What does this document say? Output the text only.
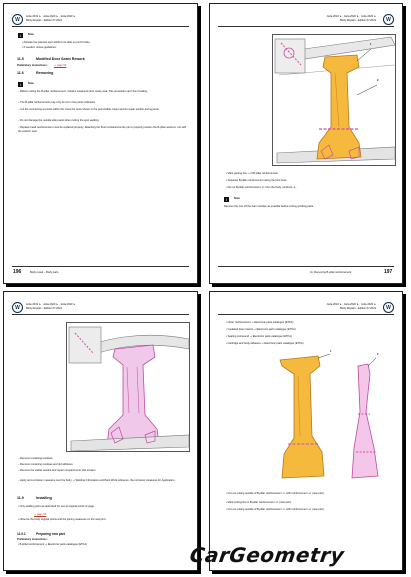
W	Jetta 2019 ➤ , Jetta 2020 ➤ , Jetta 2023 ➤
Body Repairs - Edition 07.2024
i	Note
• Activate the relevant spot welds to be able to punch holes.
• If needed, review guidelines.
11.5	Modified Door Seam Rework
Preliminary instructions: ⇒ page 56
11.6	Removing
i	Note
– Before cutting the B-pillar reinforcement, install a measured door cavity seal. This procedure can't from heating.
– The B-pillar reinforcement may only be cut in the points indicated.
– Cut the connecting at points within the cross the outer shown in the permissible cutout section repair section during joints.
– Do not damage the outside side panel when cutting the spot welding.
– Replace bead reinforcement must be replaced properly. Reaching the fresh contained at the pin to properly position the B-pillar sections, not with the exterior seal.
196	Body repair – Body parts
Jetta 2019 ➤ , Jetta 2020 ➤ , Jetta 2023 ➤
Body Repairs - Edition 07.2024	W
1
2
• Mark parting line ⇒ of B-pillar reinforcement.
• Separate B-pillar reinforcement along the joint lines.
• Do not B-pillar reinforcement -2- from the body, reinforce -1-.
i	Note
Remove the rust off the foam residue as possible before cutting grinding parts.
11. Removing B-pillar reinforcement	197
W	Jetta 2019 ➤ , Jetta 2020 ➤ , Jetta 2023 ➤
Body Repairs - Edition 07.2024
– Remove remaining residues.
– Remove remaining residues and old adhesive.
– Remove the visible residue and repair compartments with scraper.
– Apply anti-corrosion measures over the body, ⇒ Welding Information and Paint Work reference, the corrosion measures for Application.
11.9	Installing
• Only welding point as described for use at original points of page.
⇒ page 56
• Observe the body original points and the joining measures on the new joint.
11.9.1	Preparing new part
Preliminary instructions:
• B-pillar reinforcement ⇒ Electronic parts catalogue (ETKA)
Jetta 2019 ➤ , Jetta 2020 ➤ , Jetta 2023 ➤
Body Repairs - Edition 07.2024	W
• Outer reinforcement ⇒ Electronic parts catalogue (ETKA)
• Insulated foam inserts ⇒ Electronic parts catalogue (ETKA)
• Sealing compound ⇒ Electronic parts catalogue (ETKA)
• Cartridge and body adhesive ⇒ Electronic parts catalogue (ETKA)
1
2
• Cut out cutting outside of B-pillar reinforcement -1- with reinforcement -2- (new part).
• Mark cutting line in B-pillar reinforcement -2- (new part).
• Cut out cutting outside of B-pillar reinforcement -1- with reinforcement -2- (new part).
CarGeometry
